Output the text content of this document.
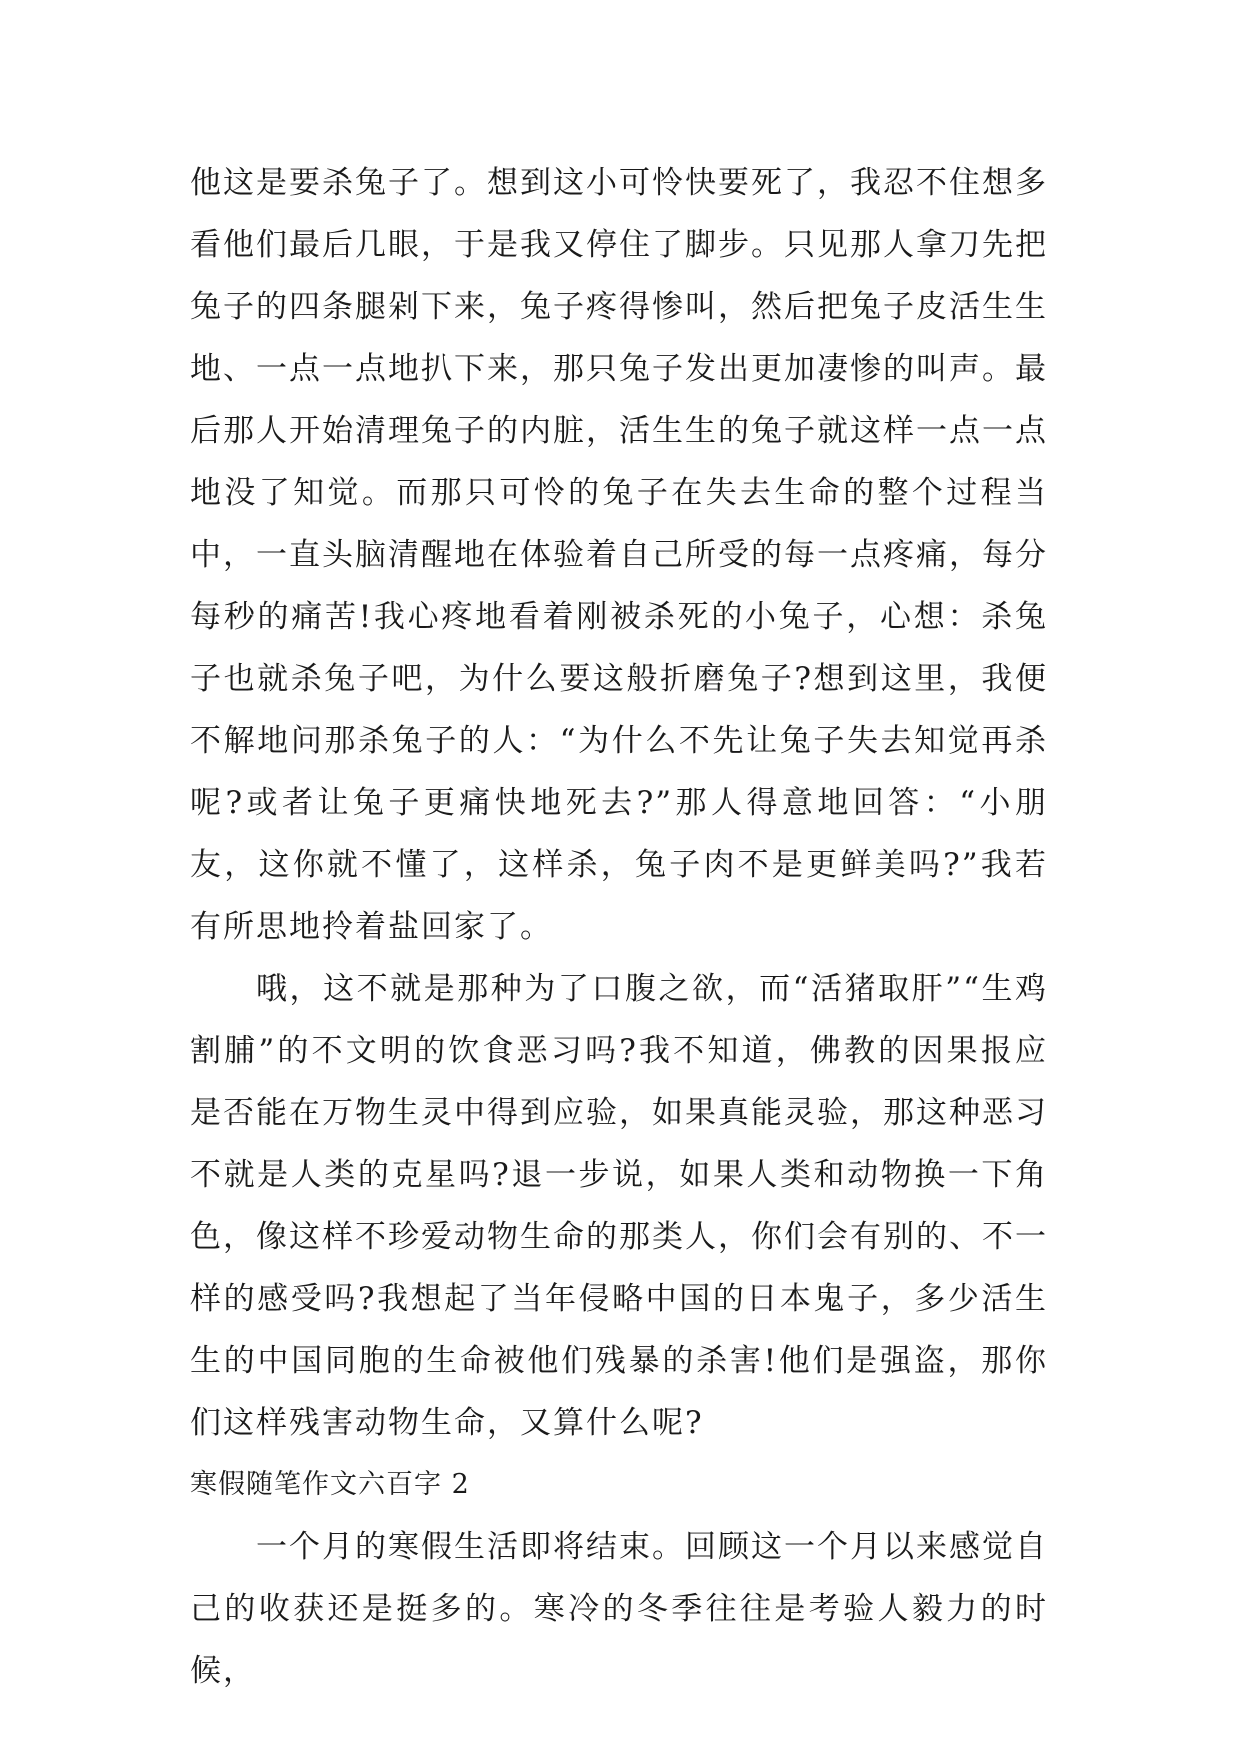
他这是要杀兔子了。想到这小可怜快要死了，我忍不住想多看他们最后几眼，于是我又停住了脚步。只见那人拿刀先把兔子的四条腿剁下来，兔子疼得惨叫，然后把兔子皮活生生地、一点一点地扒下来，那只兔子发出更加凄惨的叫声。最后那人开始清理兔子的内脏，活生生的兔子就这样一点一点地没了知觉。而那只可怜的兔子在失去生命的整个过程当中，一直头脑清醒地在体验着自己所受的每一点疼痛，每分每秒的痛苦!我心疼地看着刚被杀死的小兔子，心想：杀兔子也就杀兔子吧，为什么要这般折磨兔子?想到这里，我便不解地问那杀兔子的人：“为什么不先让兔子失去知觉再杀呢?或者让兔子更痛快地死去?”那人得意地回答：“小朋友，这你就不懂了，这样杀，兔子肉不是更鲜美吗?”我若有所思地拎着盐回家了。

哦，这不就是那种为了口腹之欲，而“活猪取肝”“生鸡割脯”的不文明的饮食恶习吗?我不知道，佛教的因果报应是否能在万物生灵中得到应验，如果真能灵验，那这种恶习不就是人类的克星吗?退一步说，如果人类和动物换一下角色，像这样不珍爱动物生命的那类人，你们会有别的、不一样的感受吗?我想起了当年侵略中国的日本鬼子，多少活生生的中国同胞的生命被他们残暴的杀害!他们是强盗，那你们这样残害动物生命，又算什么呢?

寒假随笔作文六百字 2

一个月的寒假生活即将结束。回顾这一个月以来感觉自己的收获还是挺多的。寒冷的冬季往往是考验人毅力的时候，
